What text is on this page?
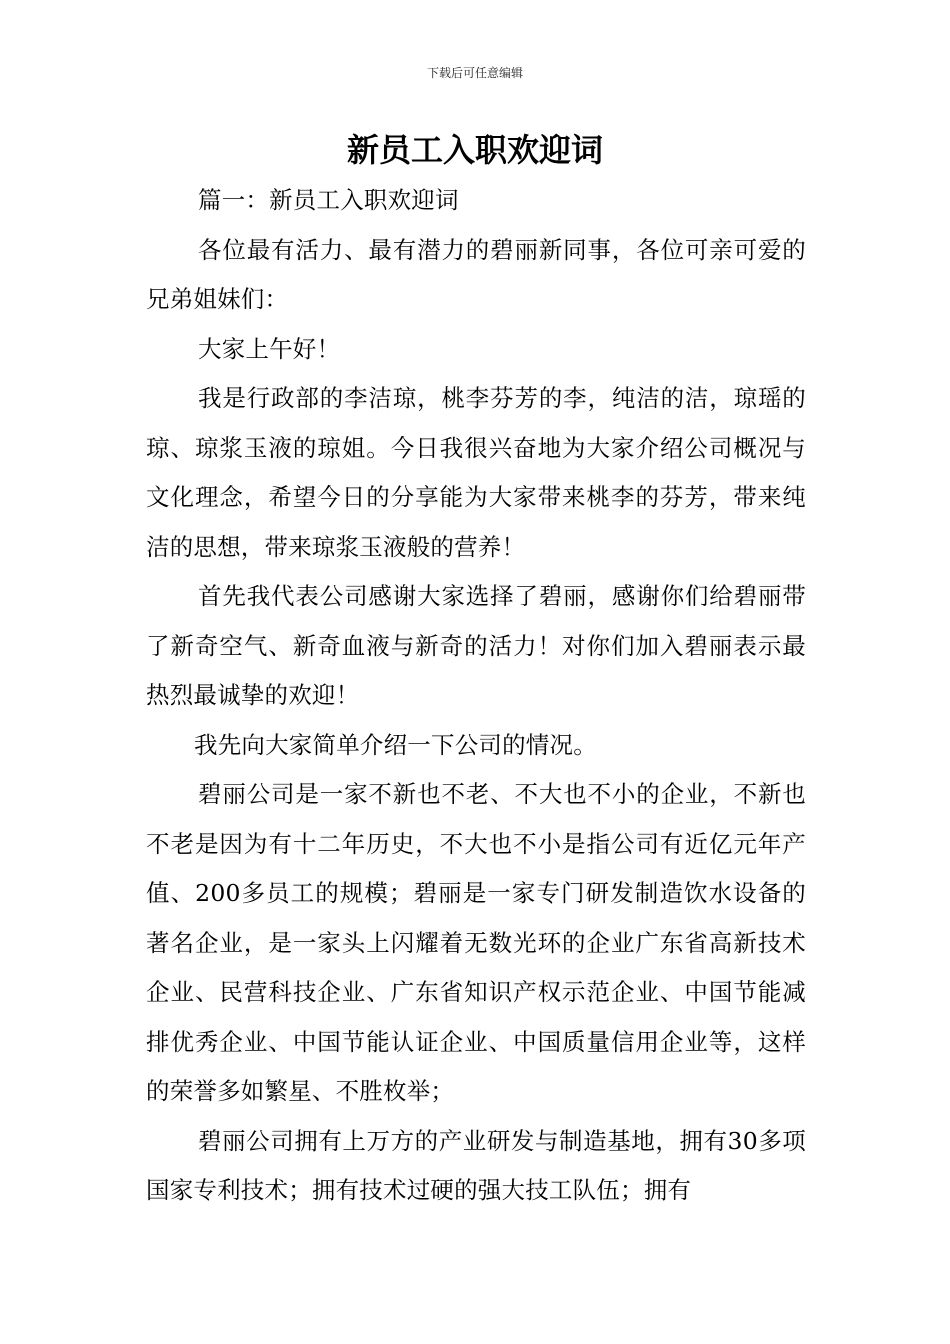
下载后可任意编辑
新员工入职欢迎词

篇一：新员工入职欢迎词

各位最有活力、最有潜力的碧丽新同事，各位可亲可爱的兄弟姐妹们：

大家上午好！

我是行政部的李洁琼，桃李芬芳的李，纯洁的洁，琼瑶的琼、琼浆玉液的琼姐。今日我很兴奋地为大家介绍公司概况与文化理念，希望今日的分享能为大家带来桃李的芬芳，带来纯洁的思想，带来琼浆玉液般的营养！

首先我代表公司感谢大家选择了碧丽，感谢你们给碧丽带了新奇空气、新奇血液与新奇的活力！对你们加入碧丽表示最热烈最诚挚的欢迎！

我先向大家简单介绍一下公司的情况。

碧丽公司是一家不新也不老、不大也不小的企业，不新也不老是因为有十二年历史，不大也不小是指公司有近亿元年产值、200多员工的规模；碧丽是一家专门研发制造饮水设备的著名企业，是一家头上闪耀着无数光环的企业广东省高新技术企业、民营科技企业、广东省知识产权示范企业、中国节能减排优秀企业、中国节能认证企业、中国质量信用企业等，这样的荣誉多如繁星、不胜枚举；

碧丽公司拥有上万方的产业研发与制造基地，拥有30多项国家专利技术；拥有技术过硬的强大技工队伍；拥有
